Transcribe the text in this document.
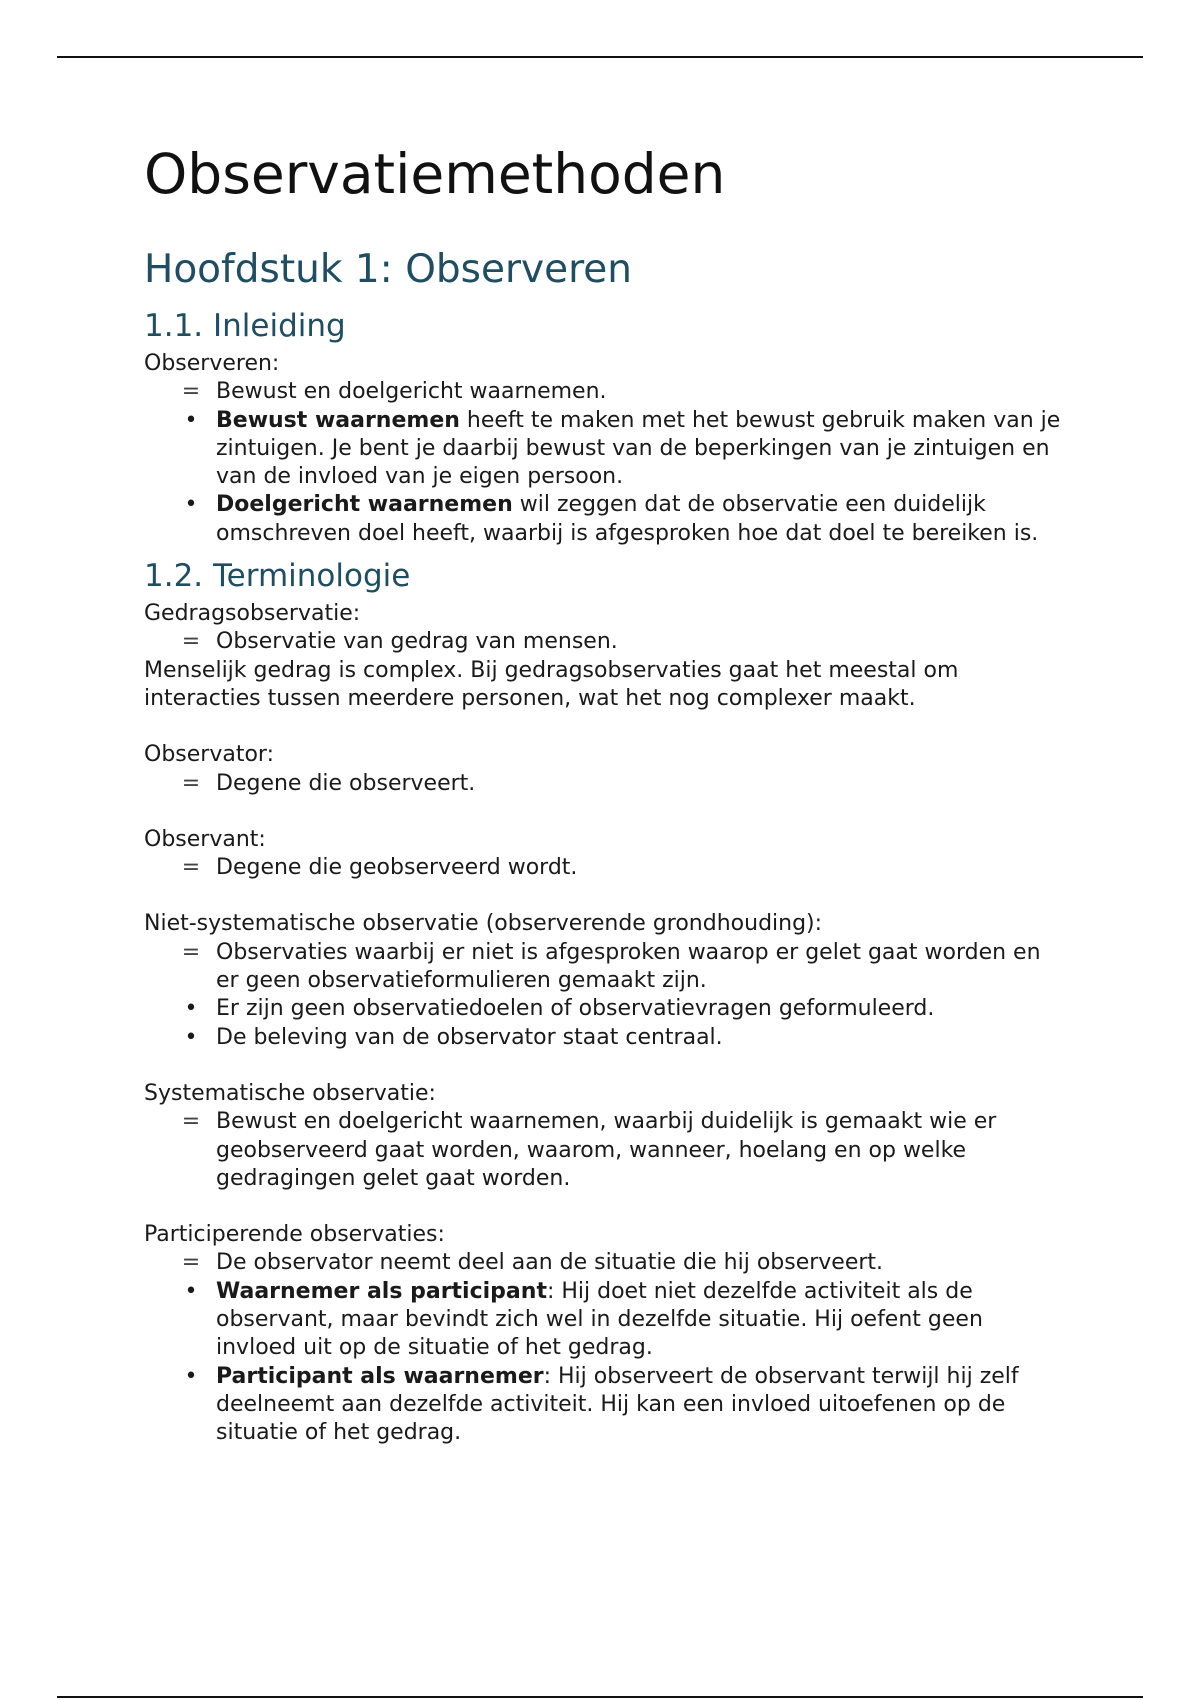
Observatiemethoden
Hoofdstuk 1: Observeren
1.1. Inleiding

Observeren:

= Bewust en doelgericht waarnemen.
• Bewust waarnemen heeft te maken met het bewust gebruik maken van je zintuigen. Je bent je daarbij bewust van de beperkingen van je zintuigen en van de invloed van je eigen persoon.
• Doelgericht waarnemen wil zeggen dat de observatie een duidelijk omschreven doel heeft, waarbij is afgesproken hoe dat doel te bereiken is.
1.2. Terminologie

Gedragsobservatie:

= Observatie van gedrag van mensen.

Menselijk gedrag is complex. Bij gedragsobservaties gaat het meestal om interacties tussen meerdere personen, wat het nog complexer maakt.

Observator:

= Degene die observeert.

Observant:

= Degene die geobserveerd wordt.

Niet-systematische observatie (observerende grondhouding):

= Observaties waarbij er niet is afgesproken waarop er gelet gaat worden en er geen observatieformulieren gemaakt zijn.
• Er zijn geen observatiedoelen of observatievragen geformuleerd.
• De beleving van de observator staat centraal.

Systematische observatie:

= Bewust en doelgericht waarnemen, waarbij duidelijk is gemaakt wie er geobserveerd gaat worden, waarom, wanneer, hoelang en op welke gedragingen gelet gaat worden.

Participerende observaties:

= De observator neemt deel aan de situatie die hij observeert.
• Waarnemer als participant: Hij doet niet dezelfde activiteit als de observant, maar bevindt zich wel in dezelfde situatie. Hij oefent geen invloed uit op de situatie of het gedrag.
• Participant als waarnemer: Hij observeert de observant terwijl hij zelf deelneemt aan dezelfde activiteit. Hij kan een invloed uitoefenen op de situatie of het gedrag.
